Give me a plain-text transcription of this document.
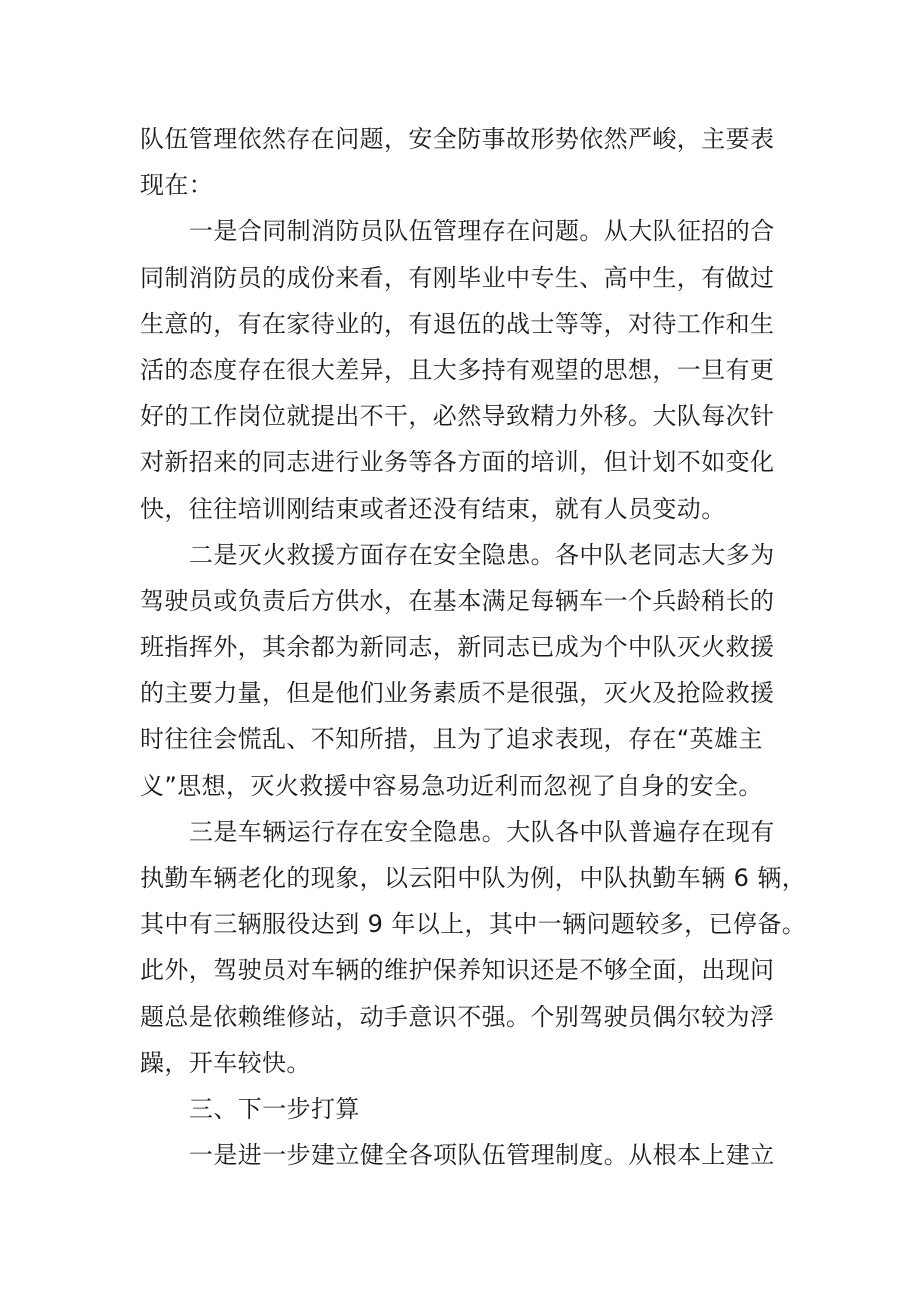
队伍管理依然存在问题，安全防事故形势依然严峻，主要表
现在：
一是合同制消防员队伍管理存在问题。从大队征招的合
同制消防员的成份来看，有刚毕业中专生、高中生，有做过
生意的，有在家待业的，有退伍的战士等等，对待工作和生
活的态度存在很大差异，且大多持有观望的思想，一旦有更
好的工作岗位就提出不干，必然导致精力外移。大队每次针
对新招来的同志进行业务等各方面的培训，但计划不如变化
快，往往培训刚结束或者还没有结束，就有人员变动。
二是灭火救援方面存在安全隐患。各中队老同志大多为
驾驶员或负责后方供水，在基本满足每辆车一个兵龄稍长的
班指挥外，其余都为新同志，新同志已成为个中队灭火救援
的主要力量，但是他们业务素质不是很强，灭火及抢险救援
时往往会慌乱、不知所措，且为了追求表现，存在“英雄主
义”思想，灭火救援中容易急功近利而忽视了自身的安全。
三是车辆运行存在安全隐患。大队各中队普遍存在现有
执勤车辆老化的现象，以云阳中队为例，中队执勤车辆 6 辆，
其中有三辆服役达到 9 年以上，其中一辆问题较多，已停备。
此外，驾驶员对车辆的维护保养知识还是不够全面，出现问
题总是依赖维修站，动手意识不强。个别驾驶员偶尔较为浮
躁，开车较快。
三、下一步打算
一是进一步建立健全各项队伍管理制度。从根本上建立
